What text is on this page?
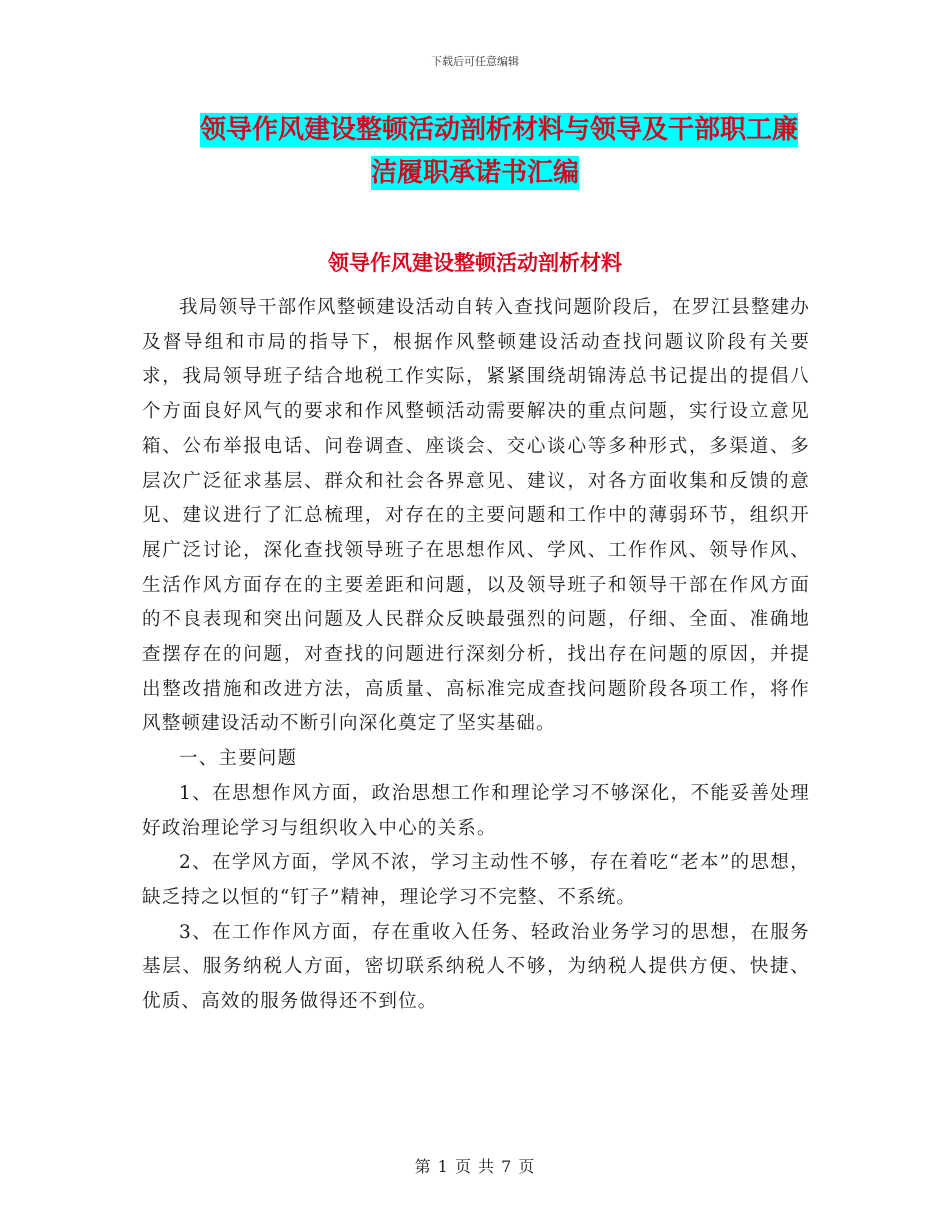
下载后可任意编辑
领导作风建设整顿活动剖析材料与领导及干部职工廉
洁履职承诺书汇编
领导作风建设整顿活动剖析材料

我局领导干部作风整顿建设活动自转入查找问题阶段后，在罗江县整建办及督导组和市局的指导下，根据作风整顿建设活动查找问题议阶段有关要求，我局领导班子结合地税工作实际，紧紧围绕胡锦涛总书记提出的提倡八个方面良好风气的要求和作风整顿活动需要解决的重点问题，实行设立意见箱、公布举报电话、问卷调查、座谈会、交心谈心等多种形式，多渠道、多层次广泛征求基层、群众和社会各界意见、建议，对各方面收集和反馈的意见、建议进行了汇总梳理，对存在的主要问题和工作中的薄弱环节，组织开展广泛讨论，深化查找领导班子在思想作风、学风、工作作风、领导作风、生活作风方面存在的主要差距和问题，以及领导班子和领导干部在作风方面的不良表现和突出问题及人民群众反映最强烈的问题，仔细、全面、准确地查摆存在的问题，对查找的问题进行深刻分析，找出存在问题的原因，并提出整改措施和改进方法，高质量、高标准完成查找问题阶段各项工作，将作风整顿建设活动不断引向深化奠定了坚实基础。

一、主要问题

1、在思想作风方面，政治思想工作和理论学习不够深化，不能妥善处理好政治理论学习与组织收入中心的关系。

2、在学风方面，学风不浓，学习主动性不够，存在着吃“老本”的思想，缺乏持之以恒的“钉子”精神，理论学习不完整、不系统。

3、在工作作风方面，存在重收入任务、轻政治业务学习的思想，在服务基层、服务纳税人方面，密切联系纳税人不够，为纳税人提供方便、快捷、优质、高效的服务做得还不到位。

第 1 页 共 7 页
